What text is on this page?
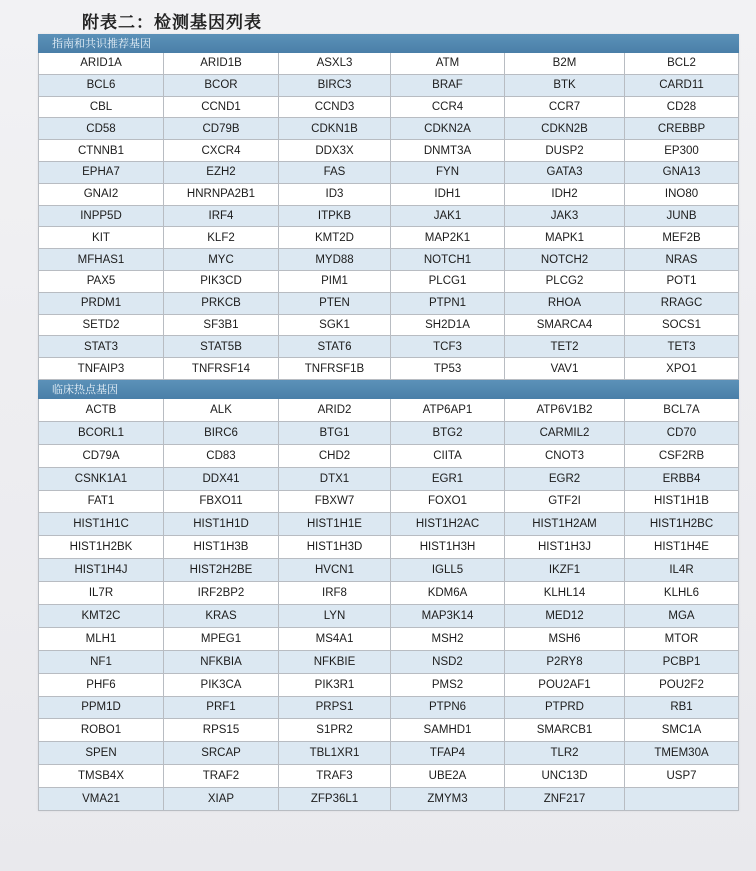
附表二：检测基因列表
指南和共识推荐基因
ARID1A	ARID1B	ASXL3	ATM	B2M	BCL2
BCL6	BCOR	BIRC3	BRAF	BTK	CARD11
CBL	CCND1	CCND3	CCR4	CCR7	CD28
CD58	CD79B	CDKN1B	CDKN2A	CDKN2B	CREBBP
CTNNB1	CXCR4	DDX3X	DNMT3A	DUSP2	EP300
EPHA7	EZH2	FAS	FYN	GATA3	GNA13
GNAI2	HNRNPA2B1	ID3	IDH1	IDH2	INO80
INPP5D	IRF4	ITPKB	JAK1	JAK3	JUNB
KIT	KLF2	KMT2D	MAP2K1	MAPK1	MEF2B
MFHAS1	MYC	MYD88	NOTCH1	NOTCH2	NRAS
PAX5	PIK3CD	PIM1	PLCG1	PLCG2	POT1
PRDM1	PRKCB	PTEN	PTPN1	RHOA	RRAGC
SETD2	SF3B1	SGK1	SH2D1A	SMARCA4	SOCS1
STAT3	STAT5B	STAT6	TCF3	TET2	TET3
TNFAIP3	TNFRSF14	TNFRSF1B	TP53	VAV1	XPO1
临床热点基因
ACTB	ALK	ARID2	ATP6AP1	ATP6V1B2	BCL7A
BCORL1	BIRC6	BTG1	BTG2	CARMIL2	CD70
CD79A	CD83	CHD2	CIITA	CNOT3	CSF2RB
CSNK1A1	DDX41	DTX1	EGR1	EGR2	ERBB4
FAT1	FBXO11	FBXW7	FOXO1	GTF2I	HIST1H1B
HIST1H1C	HIST1H1D	HIST1H1E	HIST1H2AC	HIST1H2AM	HIST1H2BC
HIST1H2BK	HIST1H3B	HIST1H3D	HIST1H3H	HIST1H3J	HIST1H4E
HIST1H4J	HIST2H2BE	HVCN1	IGLL5	IKZF1	IL4R
IL7R	IRF2BP2	IRF8	KDM6A	KLHL14	KLHL6
KMT2C	KRAS	LYN	MAP3K14	MED12	MGA
MLH1	MPEG1	MS4A1	MSH2	MSH6	MTOR
NF1	NFKBIA	NFKBIE	NSD2	P2RY8	PCBP1
PHF6	PIK3CA	PIK3R1	PMS2	POU2AF1	POU2F2
PPM1D	PRF1	PRPS1	PTPN6	PTPRD	RB1
ROBO1	RPS15	S1PR2	SAMHD1	SMARCB1	SMC1A
SPEN	SRCAP	TBL1XR1	TFAP4	TLR2	TMEM30A
TMSB4X	TRAF2	TRAF3	UBE2A	UNC13D	USP7
VMA21	XIAP	ZFP36L1	ZMYM3	ZNF217
